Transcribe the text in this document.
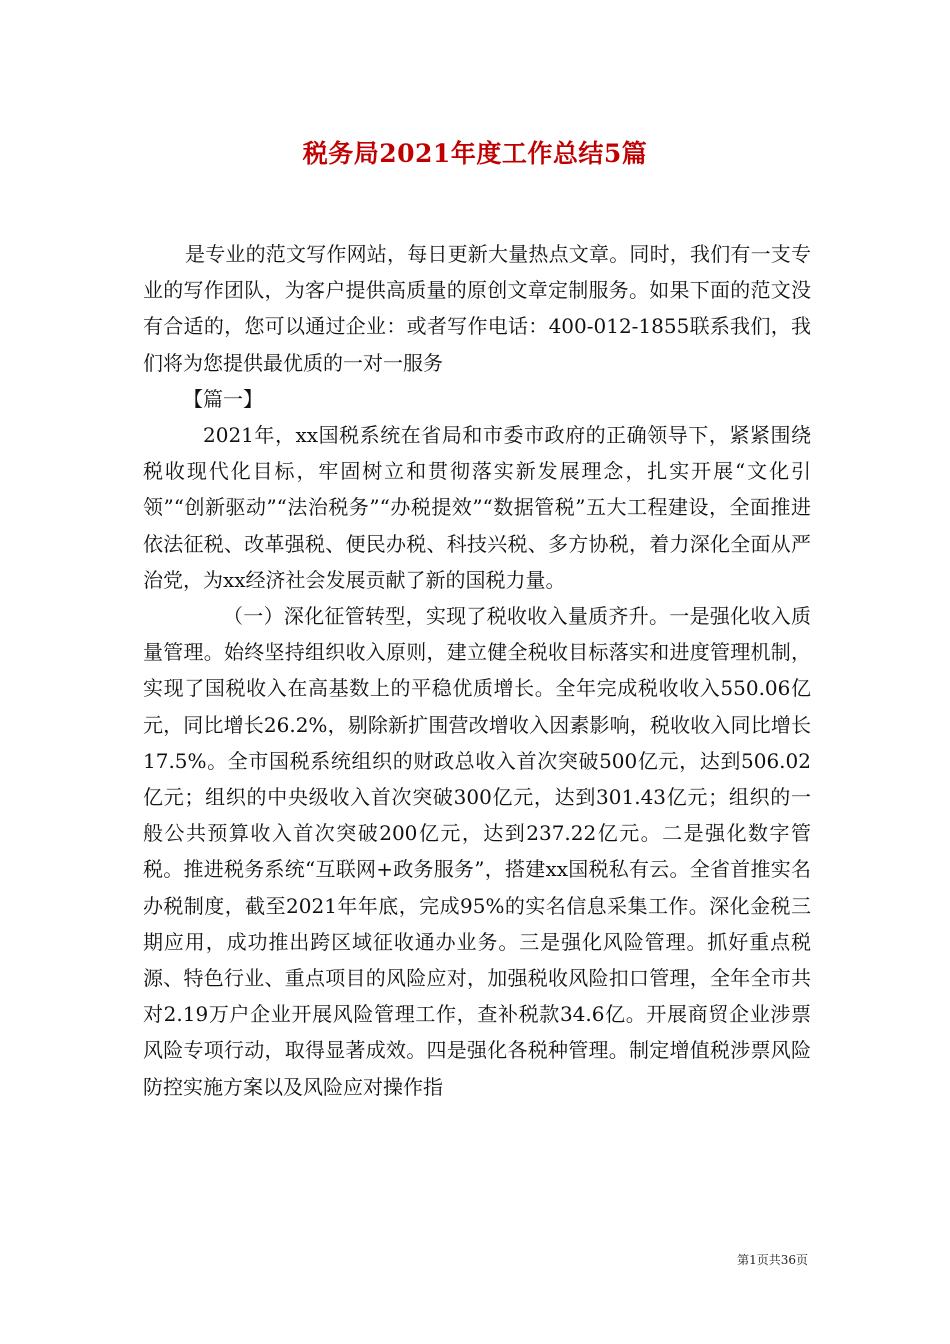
税务局2021年度工作总结5篇

是专业的范文写作网站，每日更新大量热点文章。同时，我们有一支专业的写作团队，为客户提供高质量的原创文章定制服务。如果下面的范文没有合适的，您可以通过企业：或者写作电话：400-012-1855联系我们，我们将为您提供最优质的一对一服务

【篇一】

2021年，xx国税系统在省局和市委市政府的正确领导下，紧紧围绕税收现代化目标，牢固树立和贯彻落实新发展理念，扎实开展“文化引领”“创新驱动”“法治税务”“办税提效”“数据管税”五大工程建设，全面推进依法征税、改革强税、便民办税、科技兴税、多方协税，着力深化全面从严治党，为xx经济社会发展贡献了新的国税力量。

（一）深化征管转型，实现了税收收入量质齐升。一是强化收入质量管理。始终坚持组织收入原则，建立健全税收目标落实和进度管理机制，实现了国税收入在高基数上的平稳优质增长。全年完成税收收入550.06亿元，同比增长26.2%，剔除新扩围营改增收入因素影响，税收收入同比增长17.5%。全市国税系统组织的财政总收入首次突破500亿元，达到506.02亿元；组织的中央级收入首次突破300亿元，达到301.43亿元；组织的一般公共预算收入首次突破200亿元，达到237.22亿元。二是强化数字管税。推进税务系统“互联网+政务服务”，搭建xx国税私有云。全省首推实名办税制度，截至2021年年底，完成95%的实名信息采集工作。深化金税三期应用，成功推出跨区域征收通办业务。三是强化风险管理。抓好重点税源、特色行业、重点项目的风险应对，加强税收风险扣口管理，全年全市共对2.19万户企业开展风险管理工作，查补税款34.6亿。开展商贸企业涉票风险专项行动，取得显著成效。四是强化各税种管理。制定增值税涉票风险防控实施方案以及风险应对操作指

第1页共36页
